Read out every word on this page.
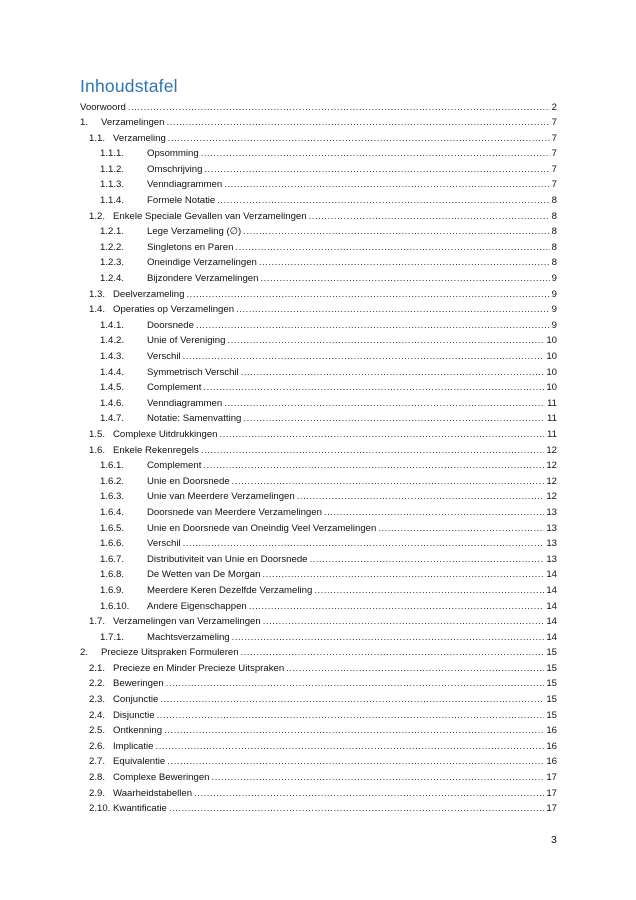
Inhoudstafel
Voorwoord .....	2
1. Verzamelingen .....	7
1.1. Verzameling .....	7
1.1.1. Opsomming .....	7
1.1.2. Omschrijving .....	7
1.1.3. Venndiagrammen .....	7
1.1.4. Formele Notatie .....	8
1.2. Enkele Speciale Gevallen van Verzamelingen .....	8
1.2.1. Lege Verzameling (∅) .....	8
1.2.2. Singletons en Paren .....	8
1.2.3. Oneindige Verzamelingen .....	8
1.2.4. Bijzondere Verzamelingen .....	9
1.3. Deelverzameling .....	9
1.4. Operaties op Verzamelingen .....	9
1.4.1. Doorsnede .....	9
1.4.2. Unie of Vereniging .....	10
1.4.3. Verschil .....	10
1.4.4. Symmetrisch Verschil .....	10
1.4.5. Complement .....	10
1.4.6. Venndiagrammen .....	11
1.4.7. Notatie: Samenvatting .....	11
1.5. Complexe Uitdrukkingen .....	11
1.6. Enkele Rekenregels .....	12
1.6.1. Complement .....	12
1.6.2. Unie en Doorsnede .....	12
1.6.3. Unie van Meerdere Verzamelingen .....	12
1.6.4. Doorsnede van Meerdere Verzamelingen .....	13
1.6.5. Unie en Doorsnede van Oneindig Veel Verzamelingen .....	13
1.6.6. Verschil .....	13
1.6.7. Distributiviteit van Unie en Doorsnede .....	13
1.6.8. De Wetten van De Morgan .....	14
1.6.9. Meerdere Keren Dezelfde Verzameling .....	14
1.6.10. Andere Eigenschappen .....	14
1.7. Verzamelingen van Verzamelingen .....	14
1.7.1. Machtsverzameling .....	14
2. Precieze Uitspraken Formuleren .....	15
2.1. Precieze en Minder Precieze Uitspraken .....	15
2.2. Beweringen .....	15
2.3. Conjunctie .....	15
2.4. Disjunctie .....	15
2.5. Ontkenning .....	16
2.6. Implicatie .....	16
2.7. Equivalentie .....	16
2.8. Complexe Beweringen .....	17
2.9. Waarheidstabellen .....	17
2.10. Kwantificatie .....	17
3
